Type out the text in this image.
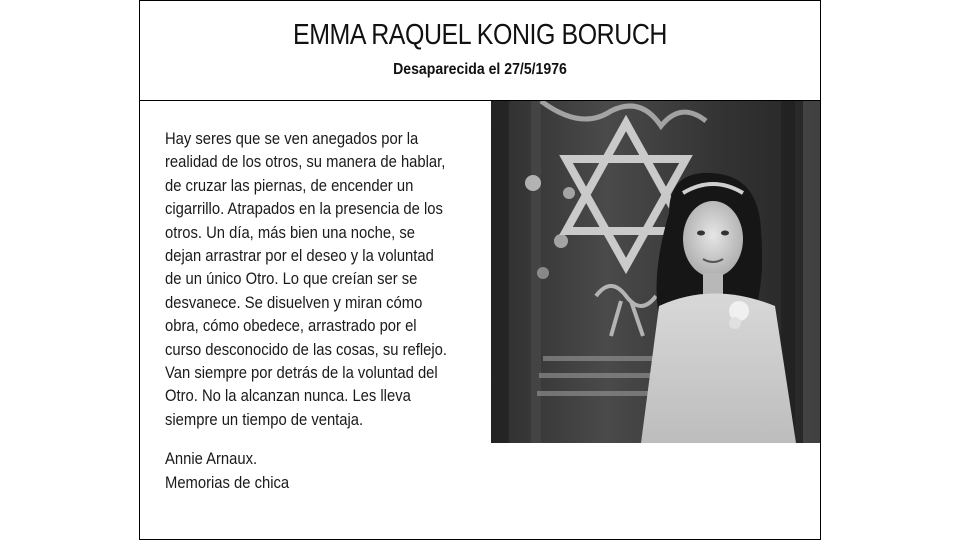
EMMA RAQUEL KONIG BORUCH
Desaparecida el 27/5/1976
Hay seres que se ven anegados por la
realidad de los otros, su manera de hablar,
de cruzar las piernas, de encender un
cigarrillo. Atrapados en la presencia de los
otros. Un día, más bien una noche, se
dejan arrastrar por el deseo y la voluntad
de un único Otro. Lo que creían ser se
desvanece. Se disuelven y miran cómo
obra, cómo obedece, arrastrado por el
curso desconocido de las cosas, su reflejo.
Van siempre por detrás de la voluntad del
Otro. No la alcanzan nunca. Les lleva
siempre un tiempo de ventaja.
Annie Arnaux.
Memorias de chica
